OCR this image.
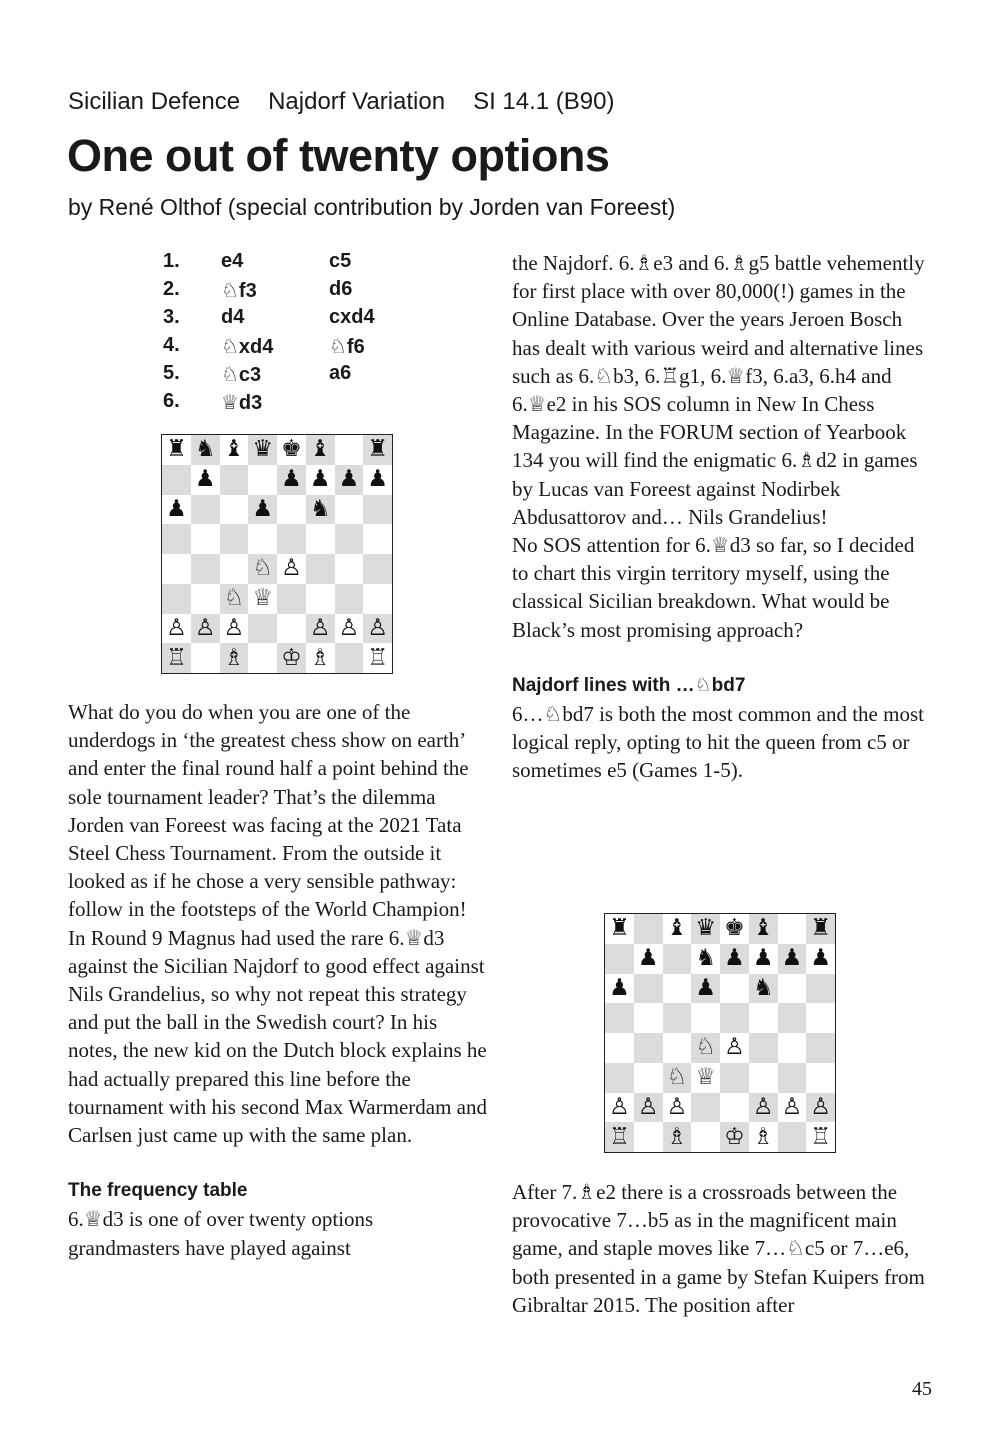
Sicilian Defence Najdorf Variation SI 14.1 (B90)
One out of twenty options
by René Olthof (special contribution by Jorden van Foreest)
1.	e4	c5
2.	♘f3	d6
3.	d4	cxd4
4.	♘xd4	♘f6
5.	♘c3	a6
6.	♕d3
♜ ♞ ♝ ♛ ♚ ♝ ♜
♟	♟ ♟ ♟ ♟
♟	♟ ♞
♘ ♙
♘ ♕
♙ ♙ ♙	♙ ♙ ♙
♖ ♗ ♔ ♗ ♖

What do you do when you are one of the underdogs in ‘the greatest chess show on earth’ and enter the final round half a point behind the sole tournament leader? That’s the dilemma Jorden van Foreest was facing at the 2021 Tata Steel Chess Tournament. From the outside it looked as if he chose a very sensible pathway: follow in the footsteps of the World Champion! In Round 9 Magnus had used the rare 6.♕d3 against the Sicilian Najdorf to good effect against Nils Grandelius, so why not repeat this strategy and put the ball in the Swedish court? In his notes, the new kid on the Dutch block explains he had actually prepared this line before the tournament with his second Max Warmerdam and Carlsen just came up with the same plan.

The frequency table

6.♕d3 is one of over twenty options grandmasters have played against

the Najdorf. 6.♗e3 and 6.♗g5 battle vehemently for first place with over 80,000(!) games in the Online Database. Over the years Jeroen Bosch has dealt with various weird and alternative lines such as 6.♘b3, 6.♖g1, 6.♕f3, 6.a3, 6.h4 and 6.♕e2 in his SOS column in New In Chess Magazine. In the FORUM section of Yearbook 134 you will find the enigmatic 6.♗d2 in games by Lucas van Foreest against Nodirbek Abdusattorov and… Nils Grandelius!

No SOS attention for 6.♕d3 so far, so I decided to chart this virgin territory myself, using the classical Sicilian breakdown. What would be Black’s most promising approach?

Najdorf lines with …♘bd7

6…♘bd7 is both the most common and the most logical reply, opting to hit the queen from c5 or sometimes e5 (Games 1-5).

♜ ♝ ♛ ♚ ♝ ♜
♟ ♞ ♟ ♟ ♟ ♟
♟	♟ ♞
♘ ♙
♘ ♕
♙ ♙ ♙	♙ ♙ ♙
♖ ♗ ♔ ♗ ♖

After 7.♗e2 there is a crossroads between the provocative 7…b5 as in the magnificent main game, and staple moves like 7…♘c5 or 7…e6, both presented in a game by Stefan Kuipers from Gibraltar 2015. The position after

45
